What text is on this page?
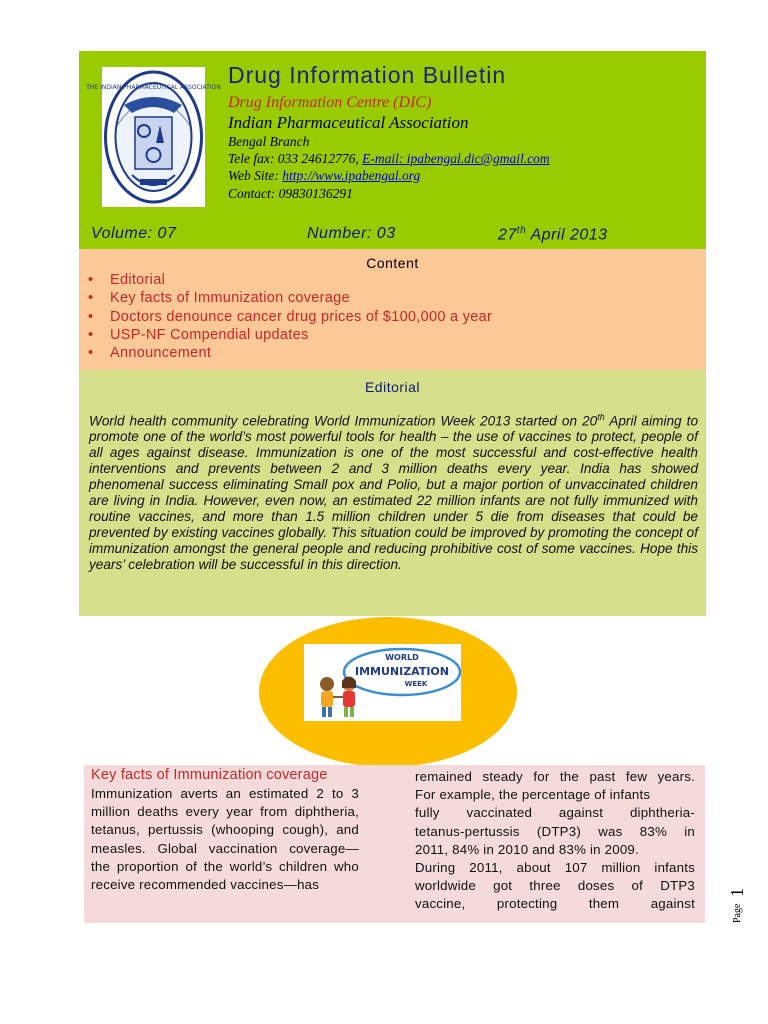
THE INDIAN PHARMACEUTICAL ASSOCIATION Drug Information Bulletin
Drug Information Centre (DIC)
Indian Pharmaceutical Association
Bengal Branch
Tele fax: 033 24612776, E-mail: ipabengal.dic@gmail.com
Web Site: http://www.ipabengal.org
Contact: 09830136291
Volume: 07	Number: 03	27th April 2013
Content
• Editorial
• Key facts of Immunization coverage
• Doctors denounce cancer drug prices of $100,000 a year
• USP-NF Compendial updates
• Announcement
Editorial
World health community celebrating World Immunization Week 2013 started on 20th April aiming to promote one of the world’s most powerful tools for health – the use of vaccines to protect, people of all ages against disease. Immunization is one of the most successful and cost-effective health interventions and prevents between 2 and 3 million deaths every year. India has showed phenomenal success eliminating Small pox and Polio, but a major portion of unvaccinated children are living in India. However, even now, an estimated 22 million infants are not fully immunized with routine vaccines, and more than 1.5 million children under 5 die from diseases that could be prevented by existing vaccines globally. This situation could be improved by promoting the concept of immunization amongst the general people and reducing prohibitive cost of some vaccines. Hope this years’ celebration will be successful in this direction.
WORLD
IMMUNIZATION
WEEK
Key facts of Immunization coverage
Immunization averts an estimated 2 to 3
million deaths every year from diphtheria,
tetanus, pertussis (whooping cough), and
measles. Global vaccination coverage—
the proportion of the world’s children who
receive recommended vaccines—has
remained steady for the past few years.
For example, the percentage of infants
fully vaccinated against diphtheria-
tetanus-pertussis (DTP3) was 83% in
2011, 84% in 2010 and 83% in 2009.
During 2011, about 107 million infants
worldwide got three doses of DTP3
vaccine, protecting them against	Page
1
